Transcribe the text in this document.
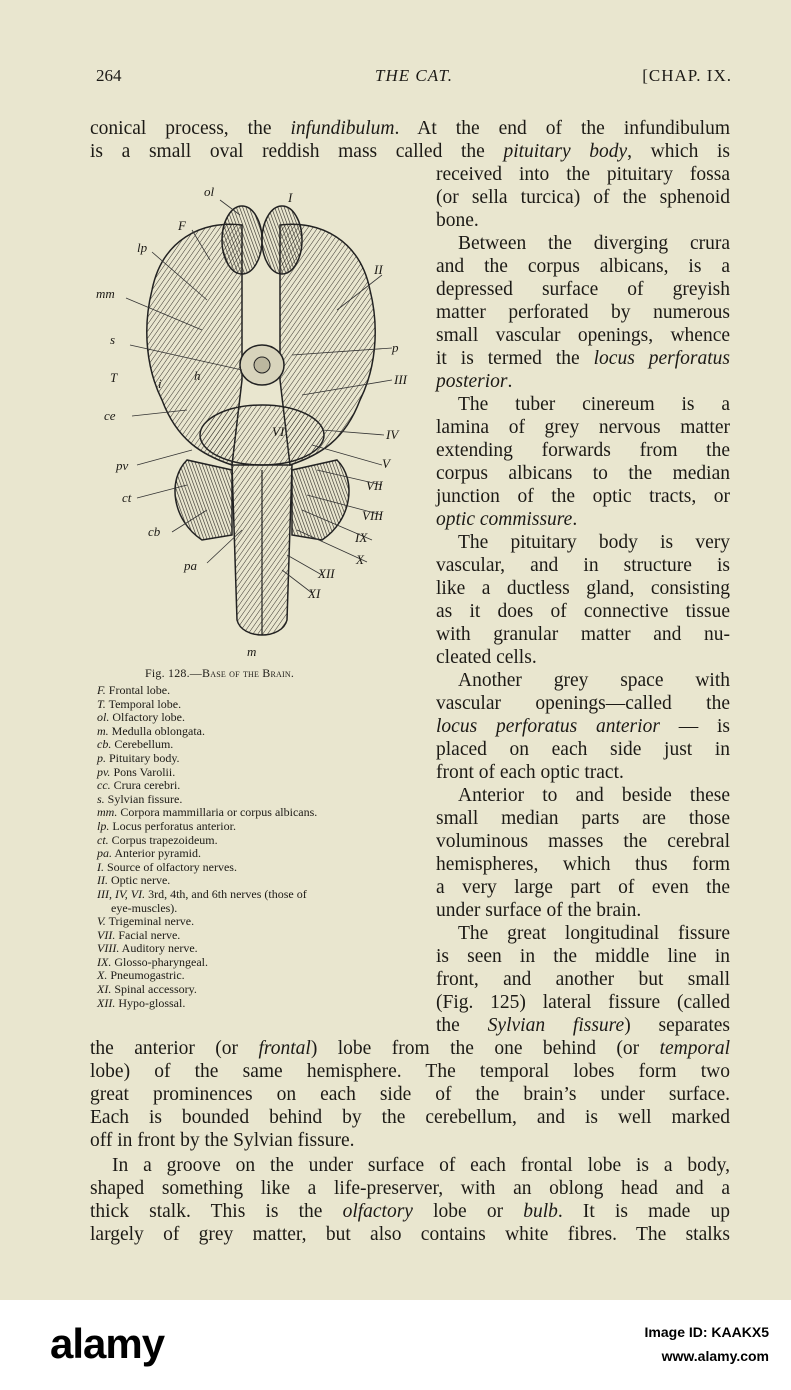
264	THE CAT.	[CHAP. IX.
conical process, the infundibulum. At the end of the infundibulum
is a small oval reddish mass called the pituitary body, which is
received into the pituitary fossa
(or sella turcica) of the sphenoid
bone.
Between the diverging crura
and the corpus albicans, is a
depressed surface of greyish
matter perforated by numerous
small vascular openings, whence
it is termed the locus perforatus
posterior.
The tuber cinereum is a
lamina of grey nervous matter
extending forwards from the
corpus albicans to the median
junction of the optic tracts, or
optic commissure.
The pituitary body is very
vascular, and in structure is
like a ductless gland, consisting
as it does of connective tissue
with granular matter and nu-
cleated cells.
Another grey space with
vascular openings—called the
locus perforatus anterior — is
placed on each side just in
front of each optic tract.
Anterior to and beside these
small median parts are those
voluminous masses the cerebral
hemispheres, which thus form
a very large part of even the
under surface of the brain.
The great longitudinal fissure
is seen in the middle line in
front, and another but small
(Fig. 125) lateral fissure (called
the Sylvian fissure) separates
the anterior (or frontal) lobe from the one behind (or temporal
lobe) of the same hemisphere. The temporal lobes form two
great prominences on each side of the brain’s under surface.
Each is bounded behind by the cerebellum, and is well marked
off in front by the Sylvian fissure.
In a groove on the under surface of each frontal lobe is a body,
shaped something like a life-preserver, with an oblong head and a
thick stalk. This is the olfactory lobe or bulb. It is made up
largely of grey matter, but also contains white fibres. The stalks
ol	I
F
lp
II
mm
s
p
T	i
h	III
ce
VI	IV
pv	V
VII
ct
VIII
cb	IX
pa	X
XII
XI
m
Fig. 128.—Base of the Brain.
F. Frontal lobe.
T. Temporal lobe.
ol. Olfactory lobe.
m. Medulla oblongata.
cb. Cerebellum.
p. Pituitary body.
pv. Pons Varolii.
cc. Crura cerebri.
s. Sylvian fissure.
mm. Corpora mammillaria or corpus albicans.
lp. Locus perforatus anterior.
ct. Corpus trapezoideum.
pa. Anterior pyramid.
I. Source of olfactory nerves.
II. Optic nerve.
III, IV, VI. 3rd, 4th, and 6th nerves (those of
eye-muscles).
V. Trigeminal nerve.
VII. Facial nerve.
VIII. Auditory nerve.
IX. Glosso-pharyngeal.
X. Pneumogastric.
XI. Spinal accessory.
XII. Hypo-glossal.
alamy	Image ID: KAAKX5
www.alamy.com
